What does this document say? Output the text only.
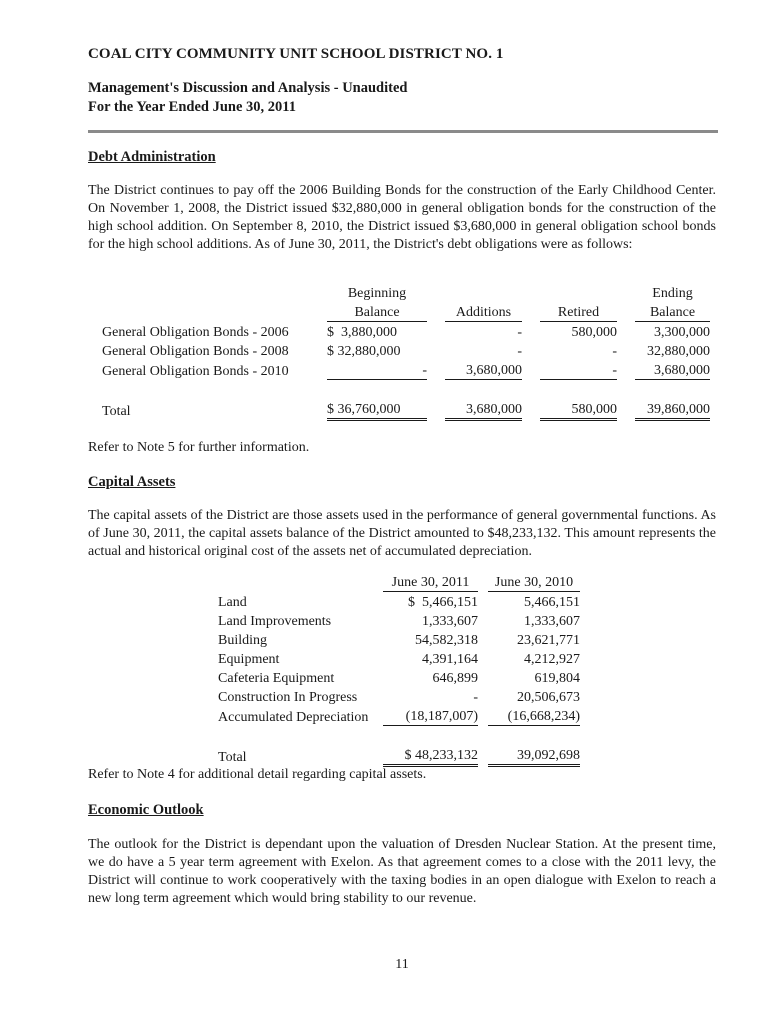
COAL CITY COMMUNITY UNIT SCHOOL DISTRICT NO. 1
Management's Discussion and Analysis - Unaudited
For the Year Ended June 30, 2011
Debt Administration
The District continues to pay off the 2006 Building Bonds for the construction of the Early Childhood Center. On November 1, 2008, the District issued $32,880,000 in general obligation bonds for the construction of the high school addition. On September 8, 2010, the District issued $3,680,000 in general obligation school bonds for the high school additions. As of June 30, 2011, the District's debt obligations were as follows:
	Beginning						Ending
	Balance		Additions		Retired		Balance
General Obligation Bonds - 2006	$  3,880,000		-		580,000		3,300,000
General Obligation Bonds - 2008	$ 32,880,000		-		-		32,880,000
General Obligation Bonds - 2010	-		3,680,000		-		3,680,000

Total	$ 36,760,000		3,680,000		580,000		39,860,000
Refer to Note 5 for further information.
Capital Assets
The capital assets of the District are those assets used in the performance of general governmental functions. As of June 30, 2011, the capital assets balance of the District amounted to $48,233,132. This amount represents the actual and historical original cost of the assets net of accumulated depreciation.
	June 30, 2011		June 30, 2010
Land	$  5,466,151		5,466,151
Land Improvements	1,333,607		1,333,607
Building	54,582,318		23,621,771
Equipment	4,391,164		4,212,927
Cafeteria Equipment	646,899		619,804
Construction In Progress	-		20,506,673
Accumulated Depreciation	(18,187,007)		(16,668,234)

Total	$ 48,233,132		39,092,698
Refer to Note 4 for additional detail regarding capital assets.
Economic Outlook
The outlook for the District is dependant upon the valuation of Dresden Nuclear Station. At the present time, we do have a 5 year term agreement with Exelon. As that agreement comes to a close with the 2011 levy, the District will continue to work cooperatively with the taxing bodies in an open dialogue with Exelon to reach a new long term agreement which would bring stability to our revenue.
11
